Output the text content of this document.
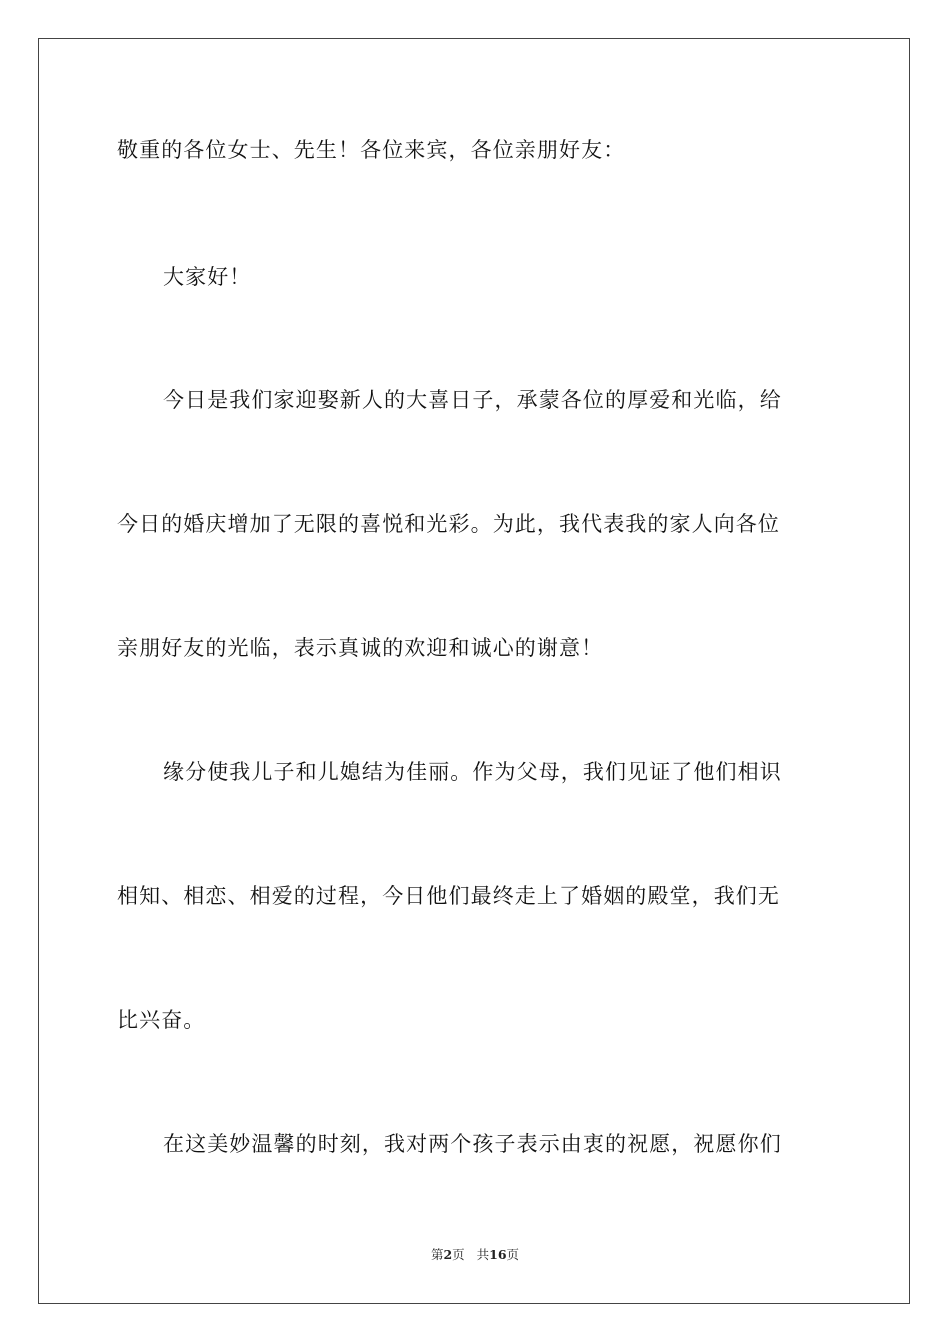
敬重的各位女士、先生！各位来宾，各位亲朋好友：
大家好！
今日是我们家迎娶新人的大喜日子，承蒙各位的厚爱和光临，给
今日的婚庆增加了无限的喜悦和光彩。为此，我代表我的家人向各位
亲朋好友的光临，表示真诚的欢迎和诚心的谢意！
缘分使我儿子和儿媳结为佳丽。作为父母，我们见证了他们相识
相知、相恋、相爱的过程，今日他们最终走上了婚姻的殿堂，我们无
比兴奋。
在这美妙温馨的时刻，我对两个孩子表示由衷的祝愿，祝愿你们
第2页 共16页
